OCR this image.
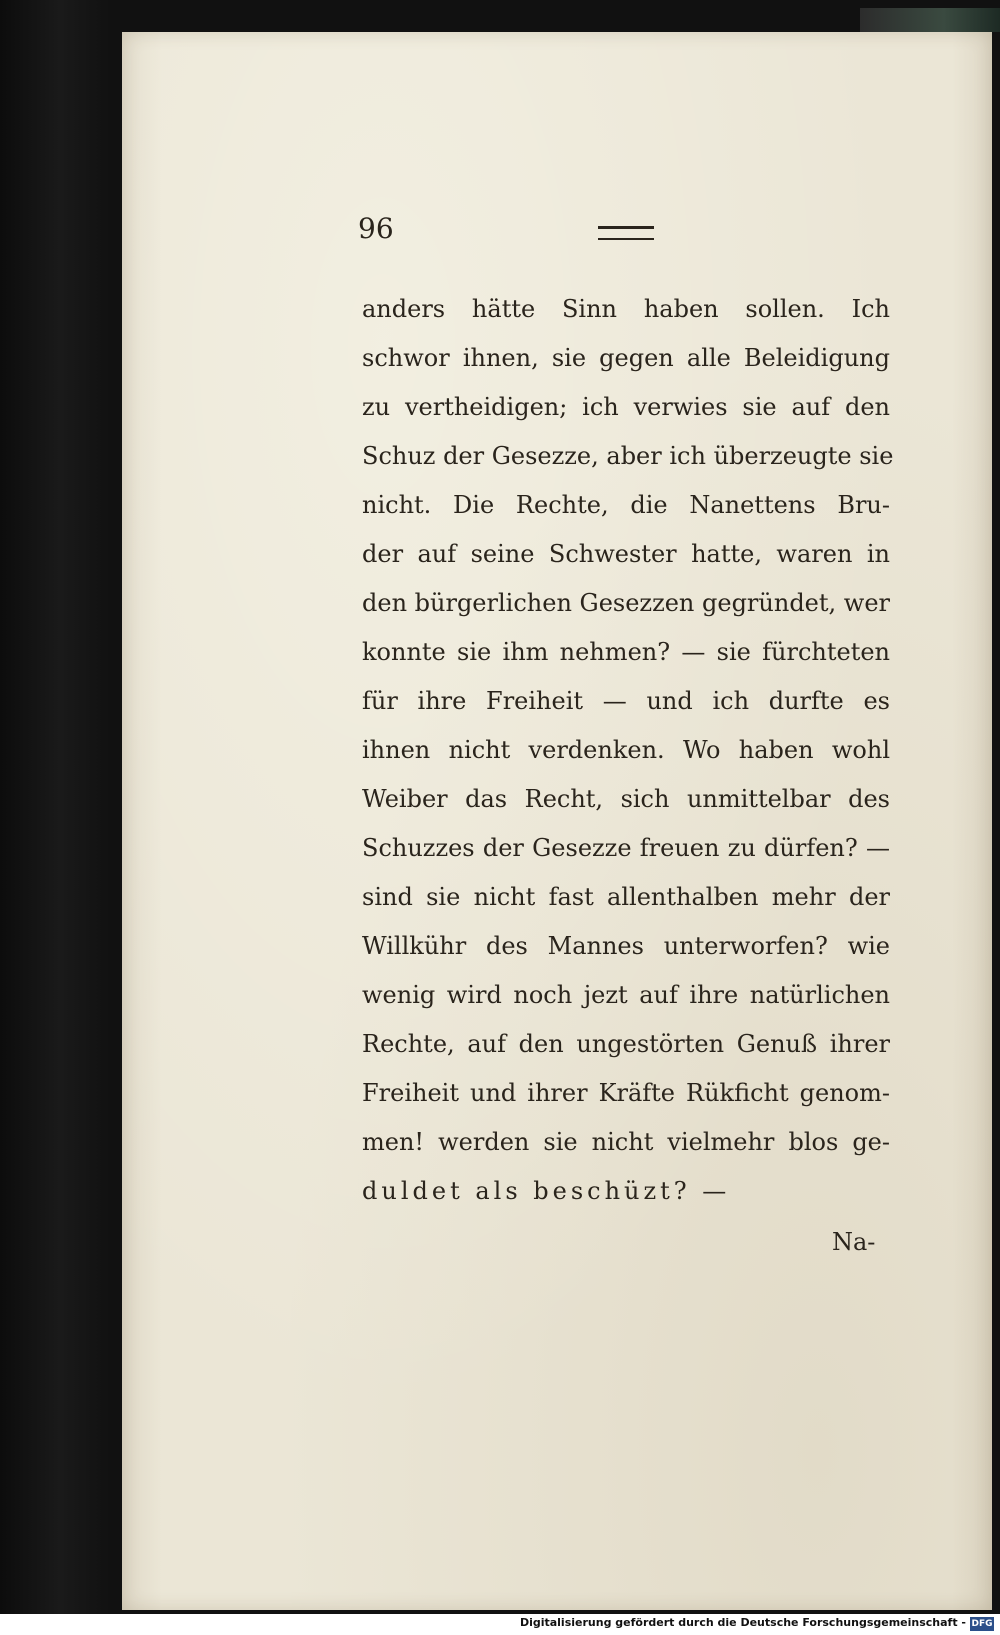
96
anders hätte Sinn haben sollen. Ich
schwor ihnen, sie gegen alle Beleidigung
zu vertheidigen; ich verwies sie auf den
Schuz der Gesezze, aber ich überzeugte sie
nicht. Die Rechte, die Nanettens Bru-
der auf seine Schwester hatte, waren in
den bürgerlichen Gesezzen gegründet, wer
konnte sie ihm nehmen? — sie fürchteten
für ihre Freiheit — und ich durfte es
ihnen nicht verdenken. Wo haben wohl
Weiber das Recht, sich unmittelbar des
Schuzzes der Gesezze freuen zu dürfen? —
sind sie nicht fast allenthalben mehr der
Willkühr des Mannes unterworfen? wie
wenig wird noch jezt auf ihre natürlichen
Rechte, auf den ungestörten Genuß ihrer
Freiheit und ihrer Kräfte Rükficht genom-
men! werden sie nicht vielmehr blos ge-
duldet als beschüzt? —
Na-
Digitalisierung gefördert durch die Deutsche Forschungsgemeinschaft - DFG
